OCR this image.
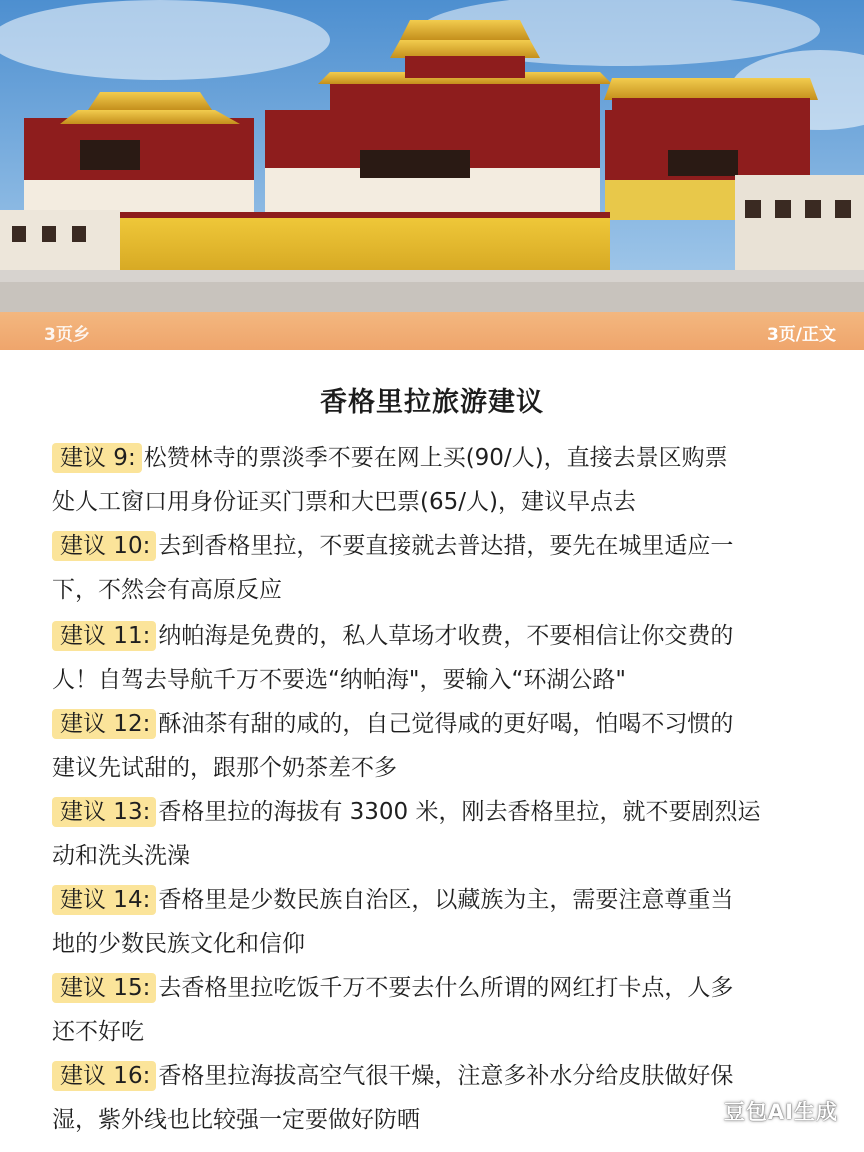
3页乡	3页/正文
香格里拉旅游建议
建议 9: 松赞林寺的票淡季不要在网上买(90/人)，直接去景区购票
处人工窗口用身份证买门票和大巴票(65/人)，建议早点去
建议 10: 去到香格里拉，不要直接就去普达措，要先在城里适应一
下，不然会有高原反应
建议 11: 纳帕海是免费的，私人草场才收费，不要相信让你交费的
人！自驾去导航千万不要选“纳帕海"，要输入“环湖公路"
建议 12: 酥油茶有甜的咸的，自己觉得咸的更好喝，怕喝不习惯的
建议先试甜的，跟那个奶茶差不多
建议 13: 香格里拉的海拔有 3300 米，刚去香格里拉，就不要剧烈运
动和洗头洗澡
建议 14: 香格里是少数民族自治区，以藏族为主，需要注意尊重当
地的少数民族文化和信仰
建议 15: 去香格里拉吃饭千万不要去什么所谓的网红打卡点，人多
还不好吃
建议 16: 香格里拉海拔高空气很干燥，注意多补水分给皮肤做好保
湿，紫外线也比较强一定要做好防晒	豆包AI生成
